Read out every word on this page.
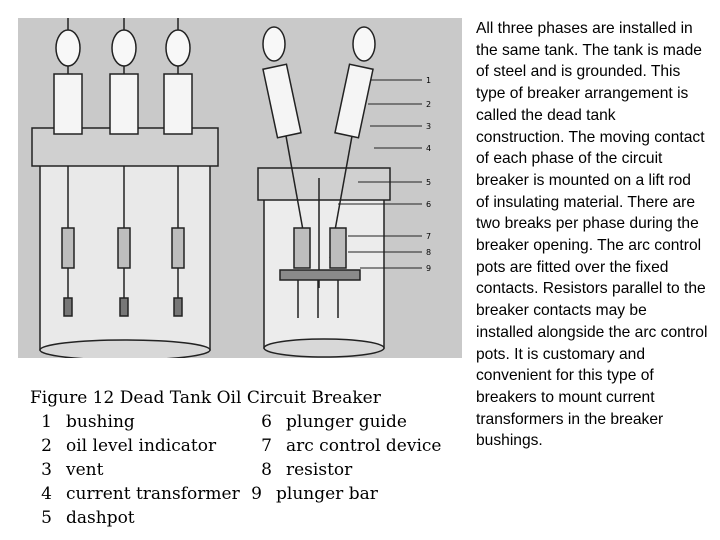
1
2
3
4
5
6
7
8
9
Figure 12 Dead Tank Oil Circuit Breaker
1 bushing
2 oil level indicator
3 vent
4 current transformer
5 dashpot
6 plunger guide
7 arc control device
8 resistor
9 plunger bar
All three phases are installed in the same tank. The tank is made of steel and is grounded. This type of breaker arrangement is called the dead tank construction. The moving contact of each phase of the circuit breaker is mounted on a lift rod of insulating material. There are two breaks per phase during the breaker opening. The arc control pots are fitted over the fixed contacts. Resistors parallel to the breaker contacts may be installed alongside the arc control pots. It is customary and convenient for this type of breakers to mount current transformers in the breaker bushings.
